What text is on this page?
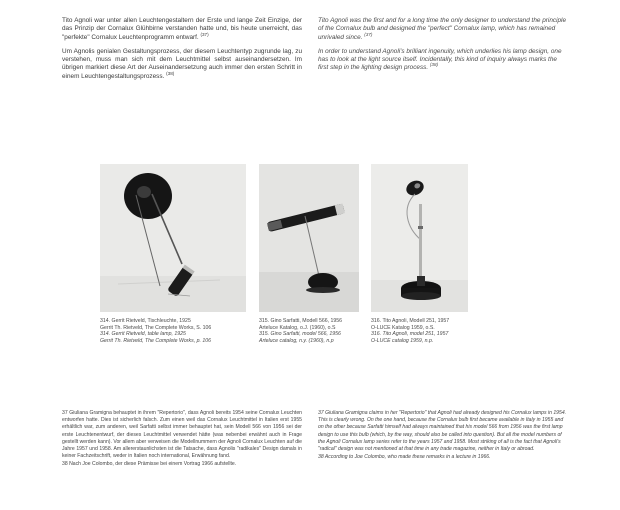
Tito Agnoli war unter allen Leuchtengestaltern der Erste und lange Zeit Einzige, der das Prinzip der Cornalux Glühbirne verstanden hatte und, bis heute unerreicht, das "perfekte" Cornalux Leuchtenprogramm entwarf. $^{(37)}$

Um Agnolis genialen Gestaltungsprozess, der diesem Leuchtentyp zugrunde lag, zu verstehen, muss man sich mit dem Leuchtmittel selbst auseinandersetzen. Im übrigen markiert diese Art der Auseinandersetzung auch immer den ersten Schritt in einem Leuchtengestaltungsprozess. $^{(38)}$

Tito Agnoli was the first and for a long time the only designer to understand the principle of the Cornalux bulb and designed the "perfect" Cornalux lamp, which has remained unrivaled since. $^{(37)}$

In order to understand Agnoli's brilliant ingenuity, which underlies his lamp design, one has to look at the light source itself. Incidentally, this kind of inquiry always marks the first step in the lighting design process. $^{(38)}$

314. Gerrit Rietveld, Tischleuchte, 1925
Gerrit Th. Rietveld, The Complete Works, S. 106
314. Gerrit Rietveld, table lamp, 1925
Gerrit Th. Rietveld, The Complete Works, p. 106
315. Gino Sarfatti, Modell 566, 1956
Arteluce Katalog, o.J. (1960), o.S
315. Gino Sarfatti, model 566, 1956
Arteluce catalog, n.y. (1960), n.p
316. Tito Agnoli, Modell 251, 1957
O-LUCE Katalog 1959, o.S.
316. Tito Agnoli, model 251, 1957
O-LUCE catalog 1959, n.p.

37 Giuliana Gramigna behauptet in ihrem "Repertorio", dass Agnoli bereits 1954 seine Cornalux Leuchten entworfen hatte. Dies ist sicherlich falsch. Zum einen weil das Cornalux Leuchtmittel in Italien erst 1955 erhältlich war, zum anderen, weil Sarfatti selbst immer behauptet hat, sein Modell 566 von 1956 sei der erste Leuchtenentwurf, der dieses Leuchtmittel verwendet hätte (was nebenbei erwähnt auch in Frage gestellt werden kann). Vor allem aber verweisen die Modellnummern der Agnoli Cornalux Leuchten auf die Jahre 1957 und 1958. Am allererstaunlichsten ist die Tatsache, dass Agnolis "radikales" Design damals in keiner Fachzeitschrift, weder in Italien noch international, Erwähnung fand.

38 Nach Joe Colombo, der diese Prämisse bei einem Vortrag 1966 aufstellte.

37 Giuliana Gramigna claims in her "Repertorio" that Agnoli had already designed his Cornalux lamps in 1954. This is clearly wrong. On the one hand, because the Cornalux bulb first became available in Italy in 1955 and on the other because Sarfatti himself had always maintained that his model 566 from 1956 was the first lamp design to use this bulb (which, by the way, should also be called into question). But all the model numbers of the Agnoli Cornalux lamp series refer to the years 1957 and 1958. Most striking of all is the fact that Agnoli's "radical" design was not mentioned at that time in any trade magazine, neither in Italy or abroad.

38 According to Joe Colombo, who made these remarks in a lecture in 1966.
